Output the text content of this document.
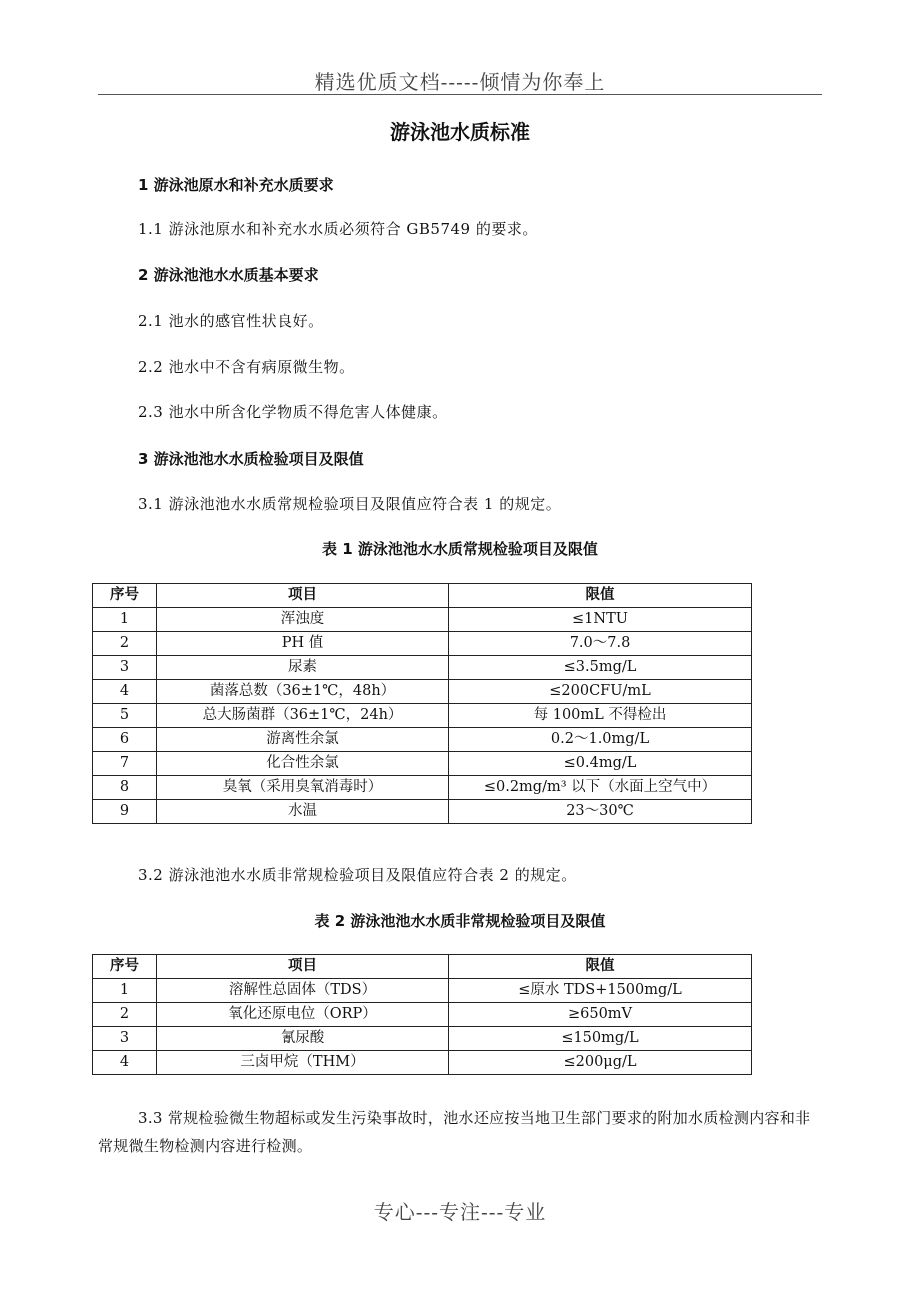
精选优质文档-----倾情为你奉上
游泳池水质标准
1 游泳池原水和补充水质要求
1.1 游泳池原水和补充水水质必须符合 GB5749 的要求。
2 游泳池池水水质基本要求
2.1 池水的感官性状良好。
2.2 池水中不含有病原微生物。
2.3 池水中所含化学物质不得危害人体健康。
3 游泳池池水水质检验项目及限值
3.1 游泳池池水水质常规检验项目及限值应符合表 1 的规定。
表 1 游泳池池水水质常规检验项目及限值
序号	项目	限值
1	浑浊度	≤1NTU
2	PH 值	7.0～7.8
3	尿素	≤3.5mg/L
4	菌落总数（36±1℃，48h）	≤200CFU/mL
5	总大肠菌群（36±1℃，24h）	每 100mL 不得检出
6	游离性余氯	0.2～1.0mg/L
7	化合性余氯	≤0.4mg/L
8	臭氧（采用臭氧消毒时）	≤0.2mg/m³ 以下（水面上空气中）
9	水温	23～30℃
3.2 游泳池池水水质非常规检验项目及限值应符合表 2 的规定。
表 2 游泳池池水水质非常规检验项目及限值
序号	项目	限值
1	溶解性总固体（TDS）	≤原水 TDS+1500mg/L
2	氧化还原电位（ORP）	≥650mV
3	氰尿酸	≤150mg/L
4	三卤甲烷（THM）	≤200μg/L
3.3 常规检验微生物超标或发生污染事故时，池水还应按当地卫生部门要求的附加水质检测内容和非常规微生物检测内容进行检测。
专心---专注---专业
